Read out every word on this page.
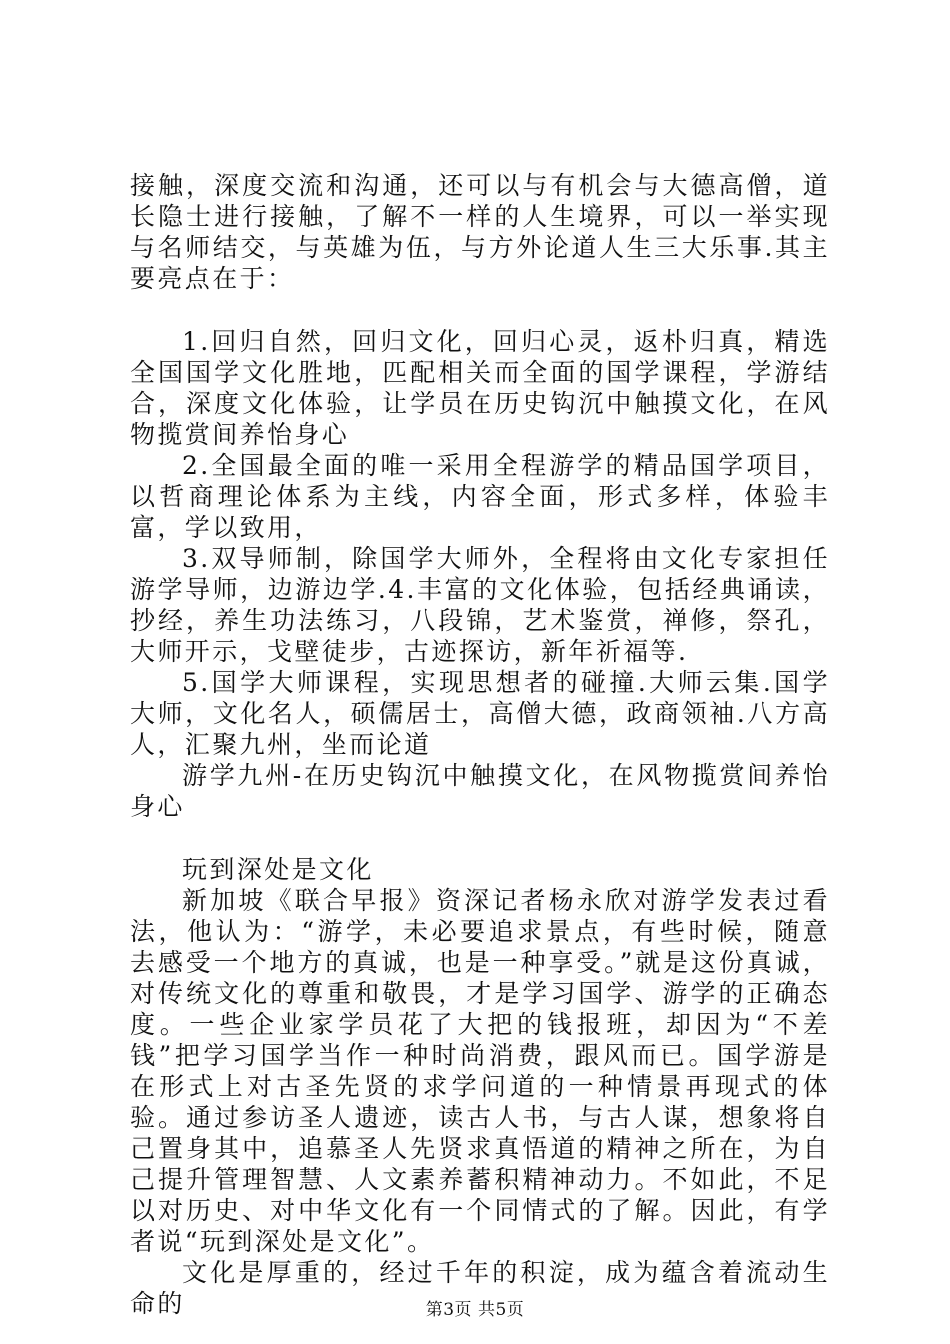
接触，深度交流和沟通，还可以与有机会与大德高僧，道长隐士进行接触，了解不一样的人生境界，可以一举实现与名师结交，与英雄为伍，与方外论道人生三大乐事.其主要亮点在于：

1.回归自然，回归文化，回归心灵，返朴归真，精选全国国学文化胜地，匹配相关而全面的国学课程，学游结合，深度文化体验，让学员在历史钩沉中触摸文化，在风物揽赏间养怡身心

2.全国最全面的唯一采用全程游学的精品国学项目，以哲商理论体系为主线，内容全面，形式多样，体验丰富，学以致用，

3.双导师制，除国学大师外，全程将由文化专家担任游学导师，边游边学.4.丰富的文化体验，包括经典诵读，抄经，养生功法练习，八段锦，艺术鉴赏，禅修，祭孔，大师开示，戈壁徒步，古迹探访，新年祈福等.

5.国学大师课程，实现思想者的碰撞.大师云集.国学大师，文化名人，硕儒居士，高僧大德，政商领袖.八方高人，汇聚九州，坐而论道

游学九州-在历史钩沉中触摸文化，在风物揽赏间养怡身心

玩到深处是文化

新加坡《联合早报》资深记者杨永欣对游学发表过看法，他认为：“游学，未必要追求景点，有些时候，随意去感受一个地方的真诚，也是一种享受。”就是这份真诚，对传统文化的尊重和敬畏，才是学习国学、游学的正确态度。一些企业家学员花了大把的钱报班，却因为“不差钱”把学习国学当作一种时尚消费，跟风而已。国学游是在形式上对古圣先贤的求学问道的一种情景再现式的体验。通过参访圣人遗迹，读古人书，与古人谋，想象将自己置身其中，追慕圣人先贤求真悟道的精神之所在，为自己提升管理智慧、人文素养蓄积精神动力。不如此，不足以对历史、对中华文化有一个同情式的了解。因此，有学者说“玩到深处是文化”。

文化是厚重的，经过千年的积淀，成为蕴含着流动生命的	第3页 共5页
